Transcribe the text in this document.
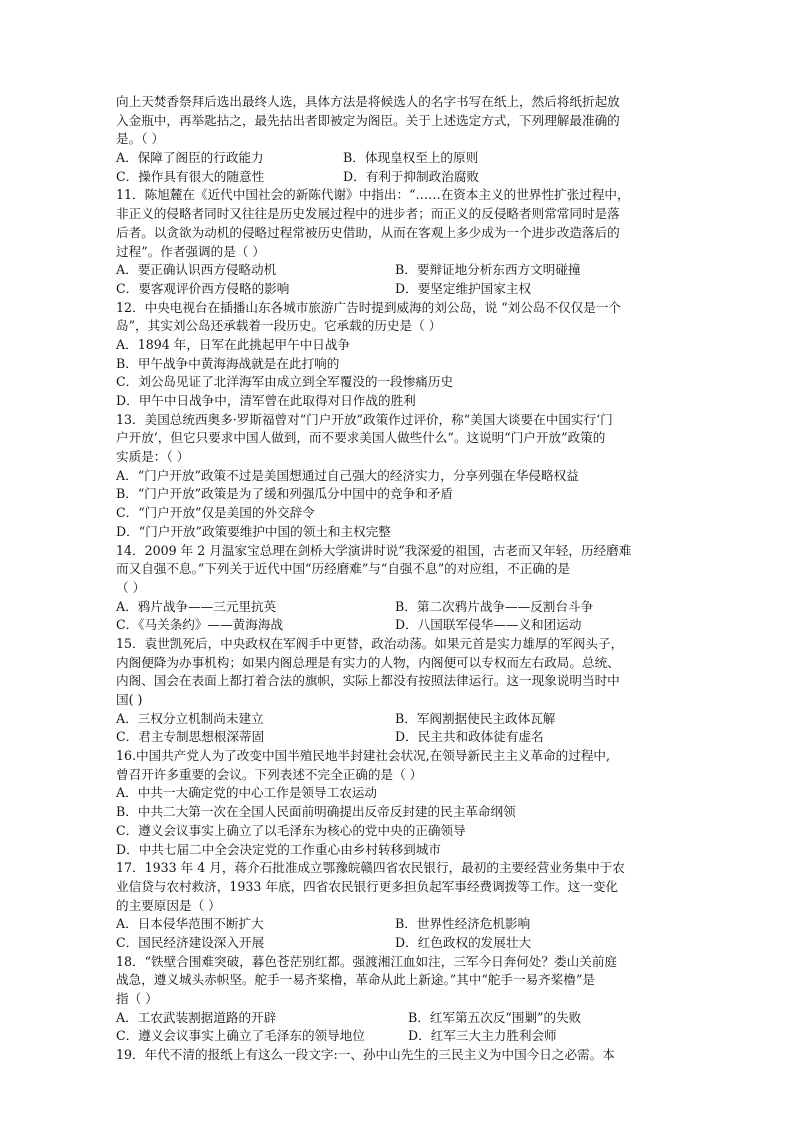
向上天焚香祭拜后选出最终人选，具体方法是将候选人的名字书写在纸上，然后将纸折起放
入金瓶中，再举匙拈之，最先拈出者即被定为阁臣。关于上述选定方式，下列理解最准确的
是。（ ）
A．保障了阁臣的行政能力	B．体现皇权至上的原则
C．操作具有很大的随意性	D．有利于抑制政治腐败
11．陈旭麓在《近代中国社会的新陈代谢》中指出：“……在资本主义的世界性扩张过程中，
非正义的侵略者同时又往往是历史发展过程中的进步者；而正义的反侵略者则常常同时是落
后者。以贪欲为动机的侵略过程常被历史借助，从而在客观上多少成为一个进步改造落后的
过程”。作者强调的是（ ）
A．要正确认识西方侵略动机	B．要辩证地分析东西方文明碰撞
C．要客观评价西方侵略的影响	D．要坚定维护国家主权
12．中央电视台在插播山东各城市旅游广告时提到威海的刘公岛，说 “刘公岛不仅仅是一个
岛”，其实刘公岛还承载着一段历史。它承载的历史是（ ）
A．1894 年，日军在此挑起甲午中日战争
B．甲午战争中黄海海战就是在此打响的
C．刘公岛见证了北洋海军由成立到全军覆没的一段惨痛历史
D．甲午中日战争中，清军曾在此取得对日作战的胜利
13．美国总统西奥多·罗斯福曾对“门户开放”政策作过评价，称“美国大谈要在中国实行‘门
户开放’，但它只要求中国人做到，而不要求美国人做些什么”。这说明“门户开放”政策的
实质是：（ ）
A．“门户开放”政策不过是美国想通过自己强大的经济实力，分享列强在华侵略权益
B．“门户开放”政策是为了缓和列强瓜分中国中的竞争和矛盾
C．“门户开放”仅是美国的外交辞令
D．“门户开放”政策要维护中国的领土和主权完整
14．2009 年 2 月温家宝总理在剑桥大学演讲时说“我深爱的祖国，古老而又年轻，历经磨难
而又自强不息。”下列关于近代中国“历经磨难”与“自强不息”的对应组，不正确的是
（ ）
A．鸦片战争——三元里抗英	B．第二次鸦片战争——反割台斗争
C．《马关条约》——黄海海战	D．八国联军侵华——义和团运动
15．袁世凯死后，中央政权在军阀手中更替，政治动荡。如果元首是实力雄厚的军阀头子，
内阁便降为办事机构；如果内阁总理是有实力的人物，内阁便可以专权而左右政局。总统、
内阁、国会在表面上都打着合法的旗帜，实际上都没有按照法律运行。这一现象说明当时中
国( )
A．三权分立机制尚未建立	B．军阀割据使民主政体瓦解
C．君主专制思想根深蒂固	D．民主共和政体徒有虚名
16.中国共产党人为了改变中国半殖民地半封建社会状况,在领导新民主主义革命的过程中,
曾召开许多重要的会议。下列表述不完全正确的是（ ）
A．中共一大确定党的中心工作是领导工农运动
B．中共二大第一次在全国人民面前明确提出反帝反封建的民主革命纲领
C．遵义会议事实上确立了以毛泽东为核心的党中央的正确领导
D．中共七届二中全会决定党的工作重心由乡村转移到城市
17．1933 年 4 月，蒋介石批准成立鄂豫皖赣四省农民银行，最初的主要经营业务集中于农
业信贷与农村救济，1933 年底，四省农民银行更多担负起军事经费调拨等工作。这一变化
的主要原因是（ ）
A．日本侵华范围不断扩大	B．世界性经济危机影响
C．国民经济建设深入开展	D．红色政权的发展壮大
18．“铁壁合围难突破，暮色苍茫别红都。强渡湘江血如注，三军今日奔何处？娄山关前庭
战急，遵义城头赤帜坚。舵手一易齐桨橹，革命从此上新途。”其中“舵手一易齐桨橹”是
指（ ）
A．工农武装割据道路的开辟	B．红军第五次反“围剿”的失败
C．遵义会议事实上确立了毛泽东的领导地位	D．红军三大主力胜利会师
19．年代不清的报纸上有这么一段文字:一、孙中山先生的三民主义为中国今日之必需。本
